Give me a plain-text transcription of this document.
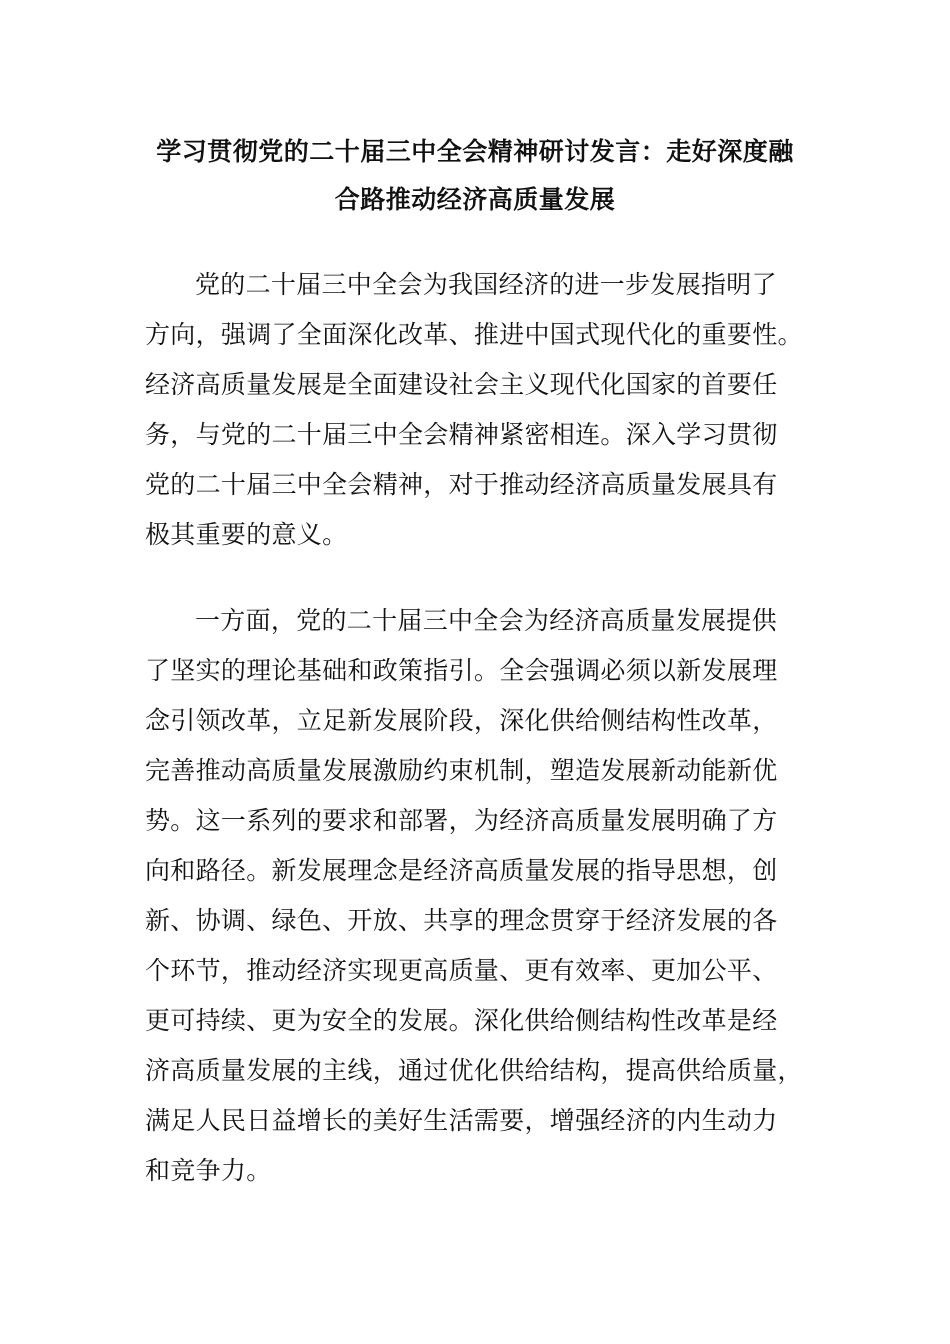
学习贯彻党的二十届三中全会精神研讨发言：走好深度融
合路推动经济高质量发展
党的二十届三中全会为我国经济的进一步发展指明了
方向，强调了全面深化改革、推进中国式现代化的重要性。
经济高质量发展是全面建设社会主义现代化国家的首要任
务，与党的二十届三中全会精神紧密相连。深入学习贯彻
党的二十届三中全会精神，对于推动经济高质量发展具有
极其重要的意义。
一方面，党的二十届三中全会为经济高质量发展提供
了坚实的理论基础和政策指引。全会强调必须以新发展理
念引领改革，立足新发展阶段，深化供给侧结构性改革，
完善推动高质量发展激励约束机制，塑造发展新动能新优
势。这一系列的要求和部署，为经济高质量发展明确了方
向和路径。新发展理念是经济高质量发展的指导思想，创
新、协调、绿色、开放、共享的理念贯穿于经济发展的各
个环节，推动经济实现更高质量、更有效率、更加公平、
更可持续、更为安全的发展。深化供给侧结构性改革是经
济高质量发展的主线，通过优化供给结构，提高供给质量，
满足人民日益增长的美好生活需要，增强经济的内生动力
和竞争力。
